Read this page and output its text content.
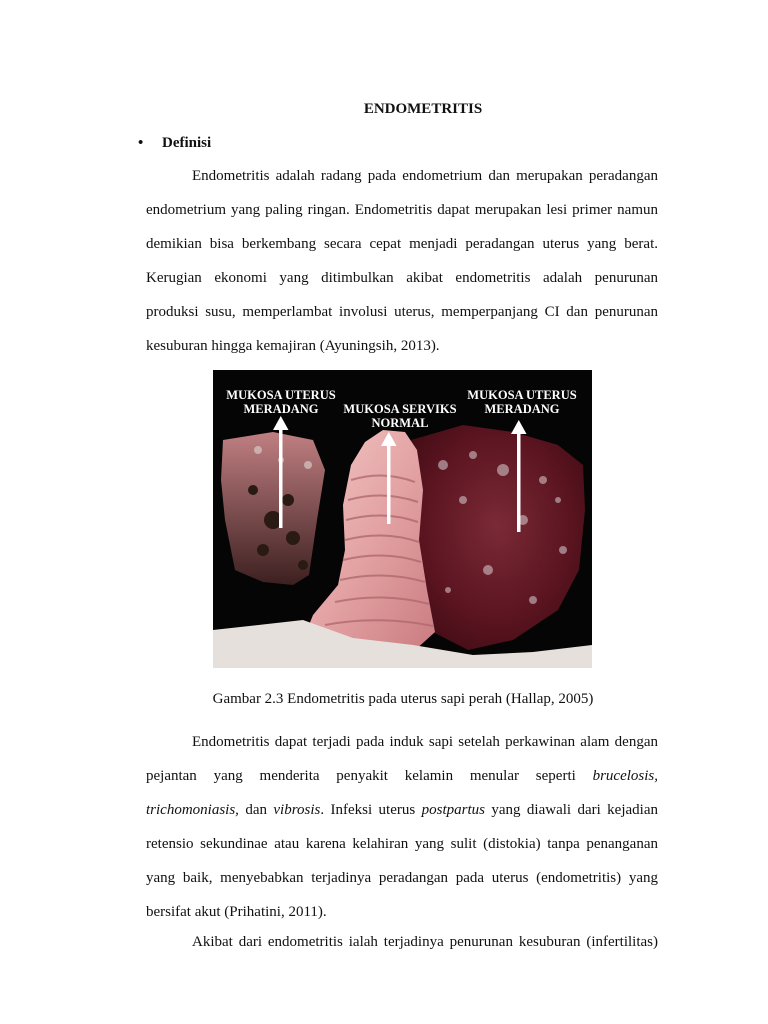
ENDOMETRITIS
• Definisi

Endometritis adalah radang pada endometrium dan merupakan peradangan
endometrium yang paling ringan. Endometritis dapat merupakan lesi primer namun
demikian bisa berkembang secara cepat menjadi peradangan uterus yang berat.
Kerugian ekonomi yang ditimbulkan akibat endometritis adalah penurunan
produksi susu, memperlambat involusi uterus, memperpanjang CI dan penurunan
kesuburan hingga kemajiran (Ayuningsih, 2013).

MUKOSA UTERUS
MERADANG	MUKOSA SERVIKS
NORMAL
MUKOSA UTERUS
MERADANG
Gambar 2.3 Endometritis pada uterus sapi perah (Hallap, 2005)

Endometritis dapat terjadi pada induk sapi setelah perkawinan alam dengan
pejantan yang menderita penyakit kelamin menular seperti brucelosis,
trichomoniasis, dan vibrosis. Infeksi uterus postpartus yang diawali dari kejadian
retensio sekundinae atau karena kelahiran yang sulit (distokia) tanpa penanganan
yang baik, menyebabkan terjadinya peradangan pada uterus (endometritis) yang
bersifat akut (Prihatini, 2011).

Akibat dari endometritis ialah terjadinya penurunan kesuburan (infertilitas)
